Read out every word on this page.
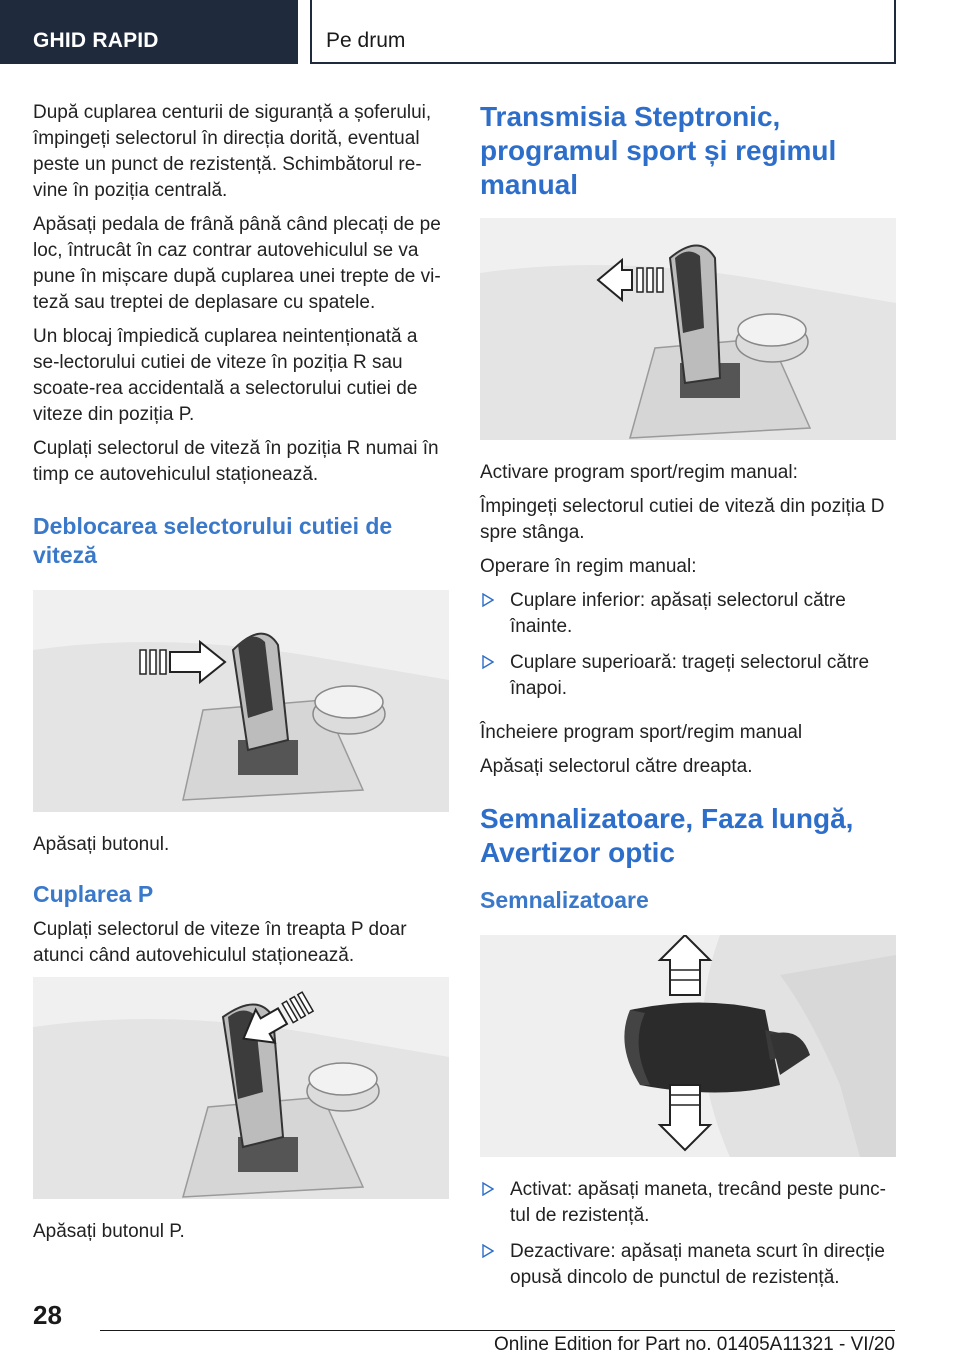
GHID RAPID	Pe drum

După cuplarea centurii de siguranță a șoferului, împingeți selectorul în direcția dorită, eventual peste un punct de rezistență. Schimbătorul re-vine în poziția centrală.

Apăsați pedala de frână până când plecați de pe loc, întrucât în caz contrar autovehiculul se va pune în mișcare după cuplarea unei trepte de vi-teză sau treptei de deplasare cu spatele.

Un blocaj împiedică cuplarea neintenționată a se-lectorului cutiei de viteze în poziția R sau scoate-rea accidentală a selectorului cutiei de viteze din poziția P.

Cuplați selectorul de viteză în poziția R numai în timp ce autovehiculul staționează.

Deblocarea selectorului cutiei de viteză

Apăsați butonul.

Cuplarea P

Cuplați selectorul de viteze în treapta P doar atunci când autovehiculul staționează.

Apăsați butonul P.

Transmisia Steptronic, programul sport și regimul manual

Activare program sport/regim manual:

Împingeți selectorul cutiei de viteză din poziția D spre stânga.

Operare în regim manual:

Cuplare inferior: apăsați selectorul către înainte.
Cuplare superioară: trageți selectorul către înapoi.

Încheiere program sport/regim manual

Apăsați selectorul către dreapta.

Semnalizatoare, Faza lungă, Avertizor optic
Semnalizatoare
Activat: apăsați maneta, trecând peste punc-tul de rezistență.
Dezactivare: apăsați maneta scurt în direcție opusă dincolo de punctul de rezistență.
28
Online Edition for Part no. 01405A11321 - VI/20
